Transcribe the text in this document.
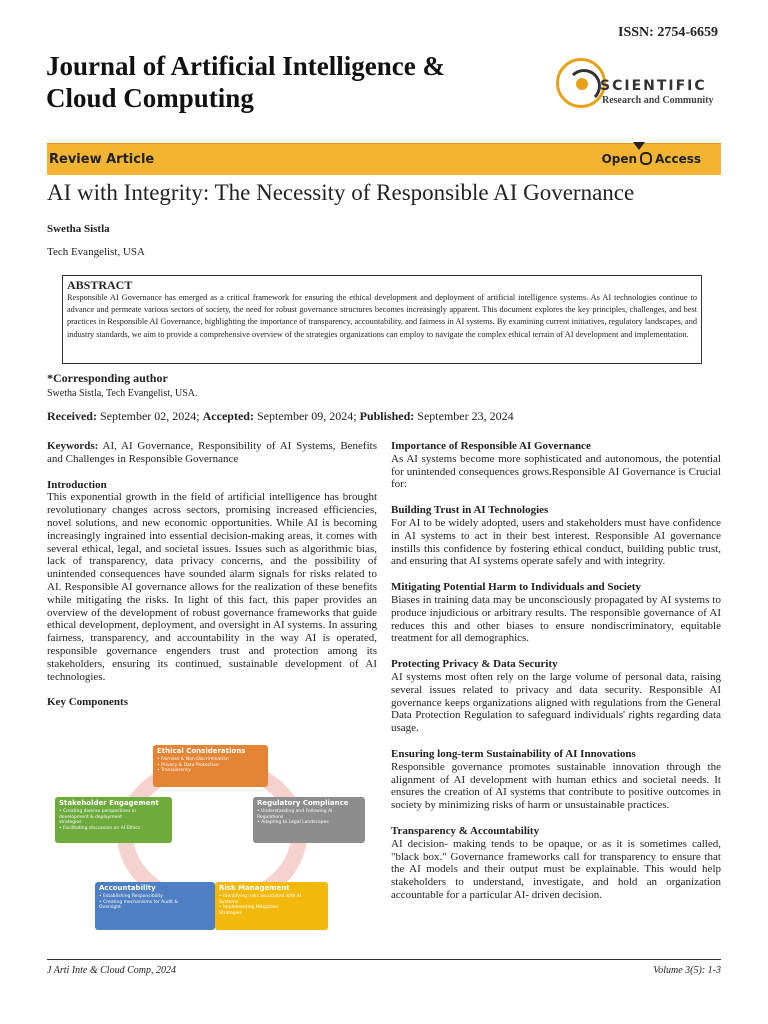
ISSN: 2754-6659
Journal of Artificial Intelligence & Cloud Computing	SCIENTIFIC
Research and Community
Review Article	Open Access
AI with Integrity: The Necessity of Responsible AI Governance
Swetha Sistla
Tech Evangelist, USA
ABSTRACT
Responsible AI Governance has emerged as a critical framework for ensuring the ethical development and deployment of artificial intelligence systems. As AI technologies continue to advance and permeate various sectors of society, the need for robust governance structures becomes increasingly apparent. This document explores the key principles, challenges, and best practices in Responsible AI Governance, highlighting the importance of transparency, accountability, and fairness in AI systems. By examining current initiatives, regulatory landscapes, and industry standards, we aim to provide a comprehensive overview of the strategies organizations can employ to navigate the complex ethical terrain of AI development and implementation.
*Corresponding author
Swetha Sistla, Tech Evangelist, USA.
Received: September 02, 2024; Accepted: September 09, 2024; Published: September 23, 2024
Keywords: AI, AI Governance, Responsibility of AI Systems, Benefits and Challenges in Responsible Governance
Introduction
This exponential growth in the field of artificial intelligence has brought revolutionary changes across sectors, promising increased efficiencies, novel solutions, and new economic opportunities. While AI is becoming increasingly ingrained into essential decision-making areas, it comes with several ethical, legal, and societal issues. Issues such as algorithmic bias, lack of transparency, data privacy concerns, and the possibility of unintended consequences have sounded alarm signals for risks related to AI. Responsible AI governance allows for the realization of these benefits while mitigating the risks. In light of this fact, this paper provides an overview of the development of robust governance frameworks that guide ethical development, deployment, and oversight in AI systems. In assuring fairness, transparency, and accountability in the way AI is operated, responsible governance engenders trust and protection among its stakeholders, ensuring its continued, sustainable development of AI technologies.
Key Components
Ethical Considerations
• Fairness & Non-Discrimination
• Privacy & Data Protection
• Transparency
Stakeholder Engagement
• Creating diverse perspectives in
development & deployment
strategies
• Facilitating discussion on AI Ethics
Regulatory Compliance
• Understanding and Following AI
Regulations
• Adapting to Legal Landscapes
Accountability
• Establishing Responsibility
• Creating mechanisms for Audit &
Oversight
Risk Management
• Identifying risks associated with AI
Systems
• Implementing Mitigation
Strategies
Importance of Responsible AI Governance
As AI systems become more sophisticated and autonomous, the potential for unintended consequences grows.Responsible AI Governance is Crucial for:
Building Trust in AI Technologies
For AI to be widely adopted, users and stakeholders must have confidence in AI systems to act in their best interest. Responsible AI governance instills this confidence by fostering ethical conduct, building public trust, and ensuring that AI systems operate safely and with integrity.
Mitigating Potential Harm to Individuals and Society
Biases in training data may be unconsciously propagated by AI systems to produce injudicious or arbitrary results. The responsible governance of AI reduces this and other biases to ensure nondiscriminatory, equitable treatment for all demographics.
Protecting Privacy & Data Security
AI systems most often rely on the large volume of personal data, raising several issues related to privacy and data security. Responsible AI governance keeps organizations aligned with regulations from the General Data Protection Regulation to safeguard individuals' rights regarding data usage.
Ensuring long-term Sustainability of AI Innovations
Responsible governance promotes sustainable innovation through the alignment of AI development with human ethics and societal needs. It ensures the creation of AI systems that contribute to positive outcomes in society by minimizing risks of harm or unsustainable practices.
Transparency & Accountability
AI decision- making tends to be opaque, or as it is sometimes called, "black box." Governance frameworks call for transparency to ensure that the AI models and their output must be explainable. This would help stakeholders to understand, investigate, and hold an organization accountable for a particular AI- driven decision.
J Arti Inte & Cloud Comp, 2024	Volume 3(5): 1-3
